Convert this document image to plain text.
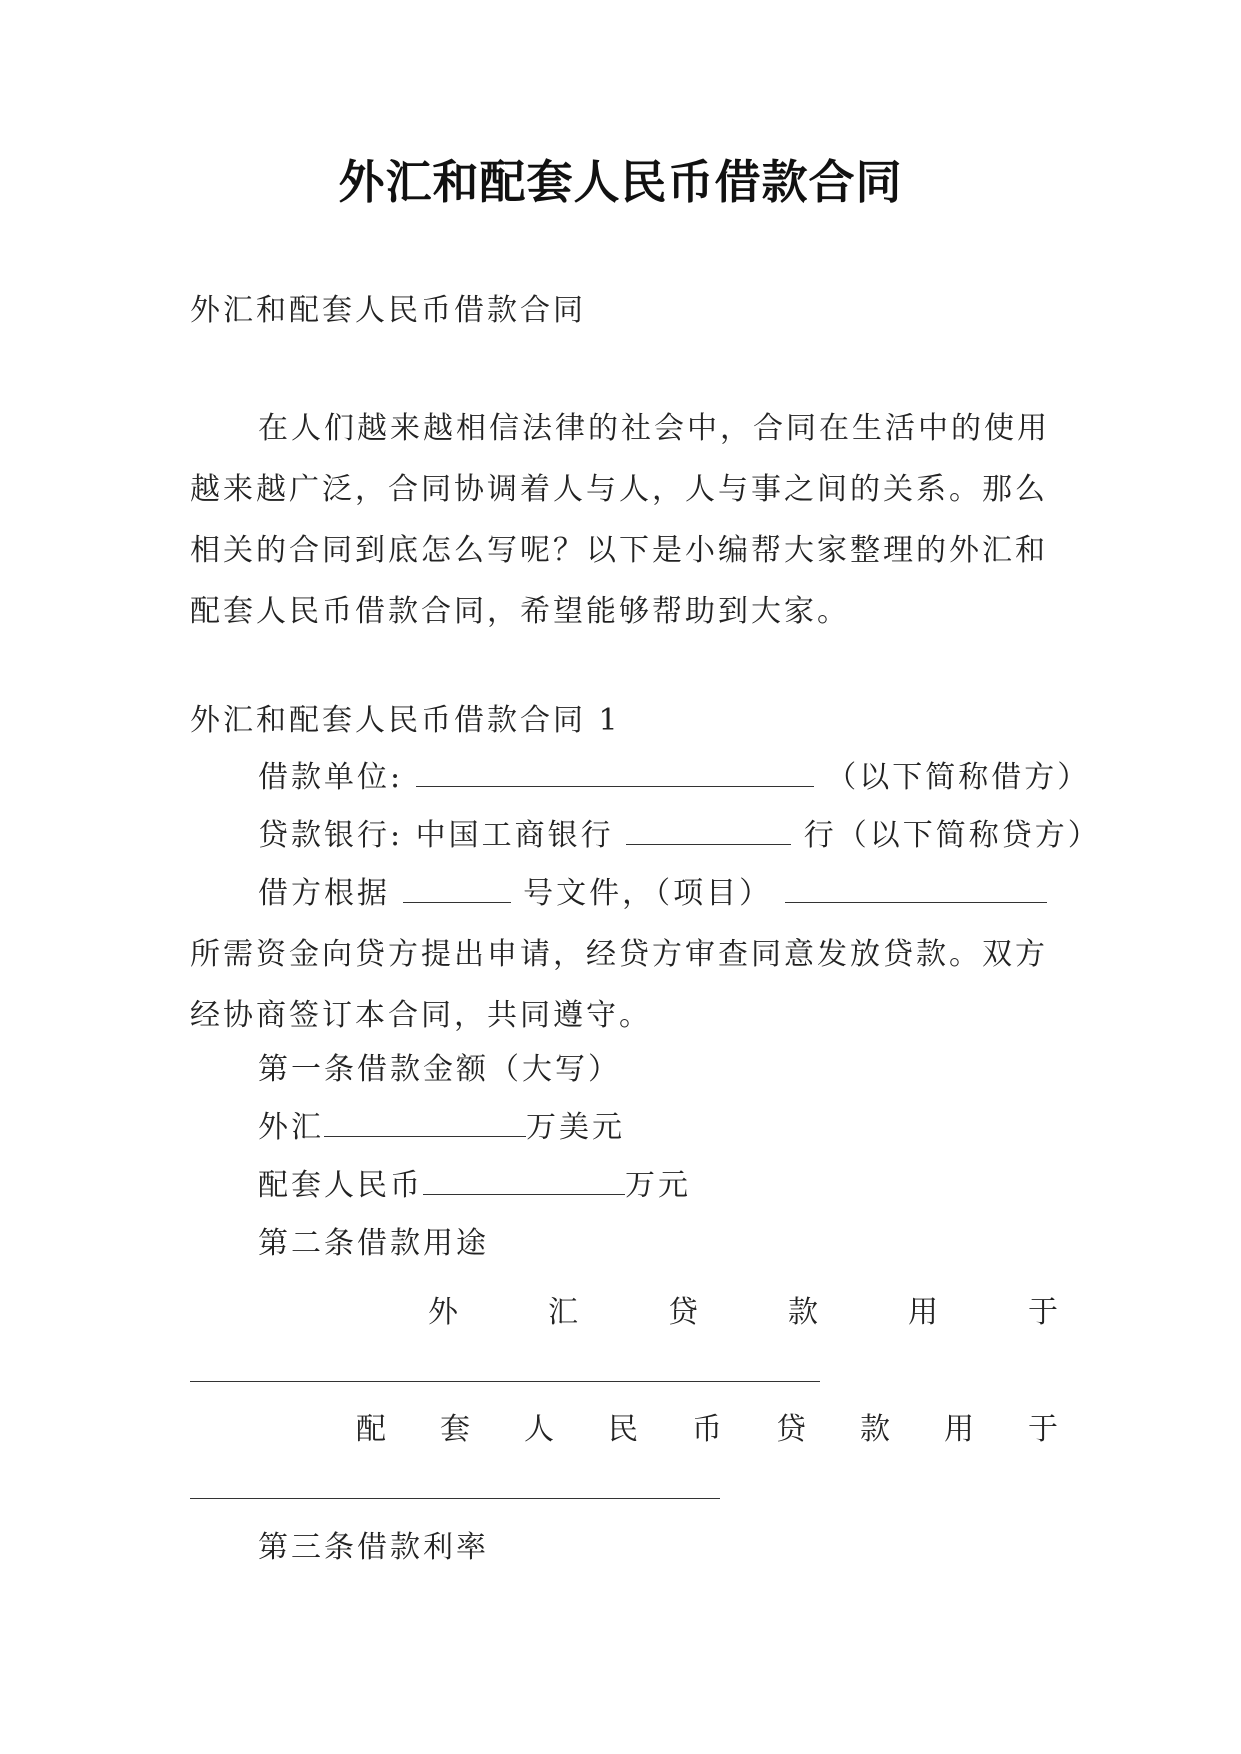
外汇和配套人民币借款合同
外汇和配套人民币借款合同
在人们越来越相信法律的社会中，合同在生活中的使用越来越广泛，合同协调着人与人，人与事之间的关系。那么相关的合同到底怎么写呢？以下是小编帮大家整理的外汇和配套人民币借款合同，希望能够帮助到大家。
外汇和配套人民币借款合同 1
借款单位:	（以下简称借方）
贷款银行: 中国工商银行	行（以下简称贷方）
借方根据	号文件，（项目）
所需资金向贷方提出申请，经贷方审查同意发放贷款。双方经协商签订本合同，共同遵守。
第一条借款金额（大写）
外汇	万美元
配套人民币	万元
第二条借款用途
外	汇	贷	款	用	于
配 套 人 民 币 贷 款 用 于
第三条借款利率
